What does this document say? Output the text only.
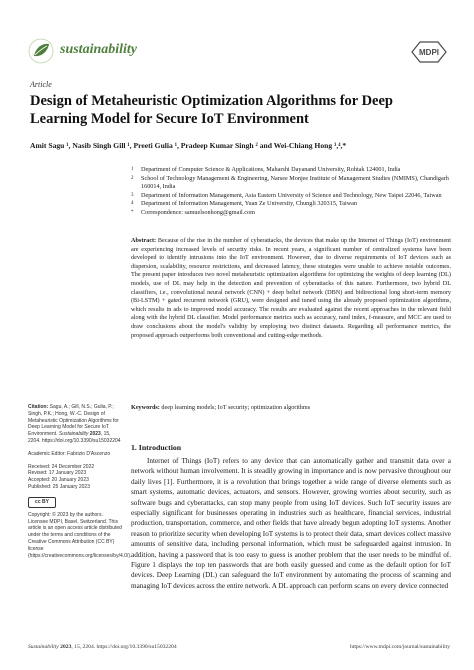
sustainability	MDPI
Article
Design of Metaheuristic Optimization Algorithms for Deep Learning Model for Secure IoT Environment
Amit Sagu ¹, Nasib Singh Gill ¹, Preeti Gulia ¹, Pradeep Kumar Singh ² and Wei-Chiang Hong ³,⁴,*
1	Department of Computer Science & Applications, Maharshi Dayanand University, Rohtak 124001, India
2	School of Technology Management & Engineering, Narsee Monjee Institute of Management Studies (NMIMS), Chandigarh 160014, India
3	Department of Information Management, Asia Eastern University of Science and Technology, New Taipei 22046, Taiwan
4	Department of Information Management, Yuan Ze University, Chungli 320315, Taiwan
*	Correspondence: samuelsonhong@gmail.com

Abstract: Because of the rise in the number of cyberattacks, the devices that make up the Internet of Things (IoT) environment are experiencing increased levels of security risks. In recent years, a significant number of centralized systems have been developed to identify intrusions into the IoT environment. However, due to diverse requirements of IoT devices such as dispersion, scalability, resource restrictions, and decreased latency, these strategies were unable to achieve notable outcomes. The present paper introduces two novel metaheuristic optimization algorithms for optimizing the weights of deep learning (DL) models, use of DL may help in the detection and prevention of cyberattacks of this nature. Furthermore, two hybrid DL classifiers, i.e., convolutional neural network (CNN) + deep belief network (DBN) and bidirectional long short-term memory (Bi-LSTM) + gated recurrent network (GRU), were designed and tuned using the already proposed optimization algorithms, which results in ads to improved model accuracy. The results are evaluated against the recent approaches in the relevant field along with the hybrid DL classifier. Model performance metrics such as accuracy, rand index, f-measure, and MCC are used to draw conclusions about the model's validity by employing two distinct datasets. Regarding all performance metrics, the proposed approach outperforms both conventional and cutting-edge methods.

Keywords: deep learning models; IoT security; optimization algorithms

Citation: Sagu, A.; Gill, N.S.; Gulia, P.; Singh, P.K.; Hong, W.-C. Design of Metaheuristic Optimization Algorithms for Deep Learning Model for Secure IoT Environment. Sustainability 2023, 15, 2204. https://doi.org/10.3390/su15032204
Academic Editor: Fabrizio D'Ascenzo
Received: 24 December 2022
Revised: 17 January 2023
Accepted: 20 January 2023
Published: 25 January 2023
cc BY
Copyright: © 2023 by the authors. Licensee MDPI, Basel, Switzerland. This article is an open access article distributed under the terms and conditions of the Creative Commons Attribution (CC BY) license (https://creativecommons.org/licenses/by/4.0/).
1. Introduction

Internet of Things (IoT) refers to any device that can automatically gather and transmit data over a network without human involvement. It is steadily growing in importance and is now pervasive throughout our daily lives [1]. Furthermore, it is a revolution that brings together a wide range of diverse elements such as smart systems, automatic devices, actuators, and sensors. However, growing worries about security, such as software bugs and cyberattacks, can stop many people from using IoT devices. Such IoT security issues are especially significant for businesses operating in industries such as healthcare, financial services, industrial production, transportation, commerce, and other fields that have already begun adopting IoT systems. Another reason to prioritize security when developing IoT systems is to protect their data, smart devices collect massive amounts of sensitive data, including personal information, which must be safeguarded against intrusion. In addition, having a password that is too easy to guess is another problem that the user needs to be mindful of. Figure 1 displays the top ten passwords that are both easily guessed and come as the default option for IoT devices. Deep Learning (DL) can safeguard the IoT environment by automating the process of scanning and managing IoT devices across the entire network. A DL approach can perform scans on every device connected

Sustainability 2023, 15, 2204. https://doi.org/10.3390/su15032204	https://www.mdpi.com/journal/sustainability
